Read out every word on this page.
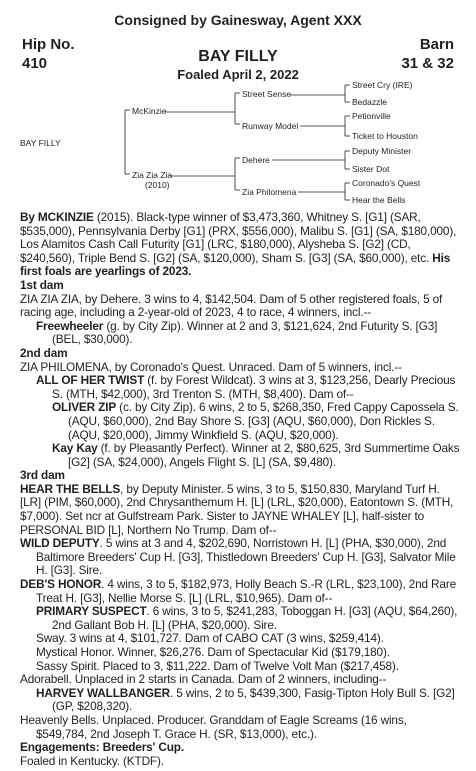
Consigned by Gainesway, Agent XXX
Hip No.
410
Barn
31 & 32
BAY FILLY
Foaled April 2, 2022
BAY FILLY
McKinzie
Zia Zia Zia
(2010)
Street Sense
Runway Model
Dehere
Zia Philomena
Street Cry (IRE)
Bedazzle
Petionville
Ticket to Houston
Deputy Minister
Sister Dot
Coronado's Quest
Hear the Bells

By MCKINZIE (2015). Black-type winner of $3,473,360, Whitney S. [G1] (SAR, $535,000), Pennsylvania Derby [G1] (PRX, $556,000), Malibu S. [G1] (SA, $180,000), Los Alamitos Cash Call Futurity [G1] (LRC, $180,000), Alysheba S. [G2] (CD, $240,560), Triple Bend S. [G2] (SA, $120,000), Sham S. [G3] (SA, $60,000), etc. His first foals are yearlings of 2023.

1st dam

ZIA ZIA ZIA, by Dehere. 3 wins to 4, $142,504. Dam of 5 other registered foals, 5 of racing age, including a 2-year-old of 2023, 4 to race, 4 winners, incl.--

Freewheeler (g. by City Zip). Winner at 2 and 3, $121,624, 2nd Futurity S. [G3] (BEL, $30,000).

2nd dam

ZIA PHILOMENA, by Coronado's Quest. Unraced. Dam of 5 winners, incl.--

ALL OF HER TWIST (f. by Forest Wildcat). 3 wins at 3, $123,256, Dearly Precious S. (MTH, $42,000), 3rd Trenton S. (MTH, $8,400). Dam of--

OLIVER ZIP (c. by City Zip). 6 wins, 2 to 5, $268,350, Fred Cappy Capossela S. (AQU, $60,000), 2nd Bay Shore S. [G3] (AQU, $60,000), Don Rickles S. (AQU, $20,000), Jimmy Winkfield S. (AQU, $20,000).

Kay Kay (f. by Pleasantly Perfect). Winner at 2, $80,625, 3rd Summertime Oaks [G2] (SA, $24,000), Angels Flight S. [L] (SA, $9,480).

3rd dam

HEAR THE BELLS, by Deputy Minister. 5 wins, 3 to 5, $150,830, Maryland Turf H. [LR] (PIM, $60,000), 2nd Chrysanthemum H. [L] (LRL, $20,000), Eatontown S. (MTH, $7,000). Set ncr at Gulfstream Park. Sister to JAYNE WHALEY [L], half-sister to PERSONAL BID [L], Northern No Trump. Dam of--

WILD DEPUTY. 5 wins at 3 and 4, $202,690, Norristown H. [L] (PHA, $30,000), 2nd Baltimore Breeders' Cup H. [G3], Thistledown Breeders' Cup H. [G3], Salvator Mile H. [G3]. Sire.

DEB'S HONOR. 4 wins, 3 to 5, $182,973, Holly Beach S.-R (LRL, $23,100), 2nd Rare Treat H. [G3], Nellie Morse S. [L] (LRL, $10,965). Dam of--

PRIMARY SUSPECT. 6 wins, 3 to 5, $241,283, Toboggan H. [G3] (AQU, $64,260), 2nd Gallant Bob H. [L] (PHA, $20,000). Sire.

Sway. 3 wins at 4, $101,727. Dam of CABO CAT (3 wins, $259,414).

Mystical Honor. Winner, $26,276. Dam of Spectacular Kid ($179,180).

Sassy Spirit. Placed to 3, $11,222. Dam of Twelve Volt Man ($217,458).

Adorabell. Unplaced in 2 starts in Canada. Dam of 2 winners, including--

HARVEY WALLBANGER. 5 wins, 2 to 5, $439,300, Fasig-Tipton Holy Bull S. [G2] (GP, $208,320).

Heavenly Bells. Unplaced. Producer. Granddam of Eagle Screams (16 wins, $549,784, 2nd Joseph T. Grace H. (SR, $13,000), etc.).

Engagements: Breeders' Cup.

Foaled in Kentucky. (KTDF).
